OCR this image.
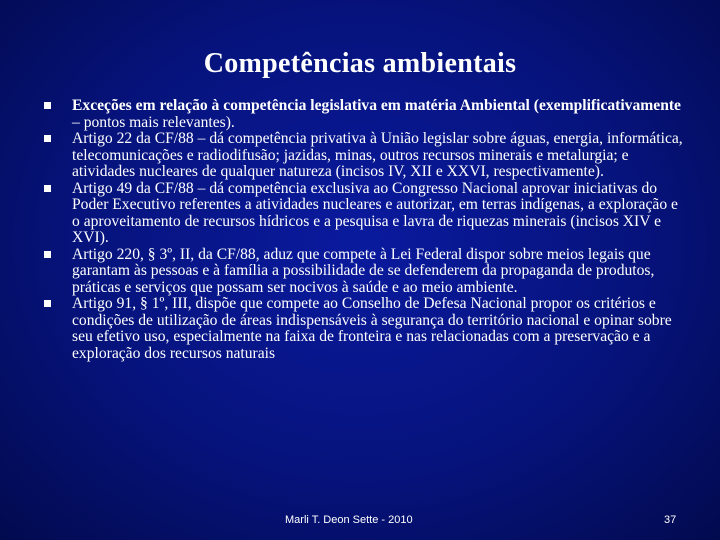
Competências ambientais
Exceções em relação à competência legislativa em matéria Ambiental (exemplificativamente – pontos mais relevantes).
Artigo 22 da CF/88 – dá competência privativa à União legislar sobre águas, energia, informática, telecomunicações e radiodifusão; jazidas, minas, outros recursos minerais e metalurgia; e atividades nucleares de qualquer natureza (incisos IV, XII e XXVI, respectivamente).
Artigo 49 da CF/88 – dá competência exclusiva ao Congresso Nacional aprovar iniciativas do Poder Executivo referentes a atividades nucleares e autorizar, em terras indígenas, a exploração e o aproveitamento de recursos hídricos e a pesquisa e lavra de riquezas minerais (incisos XIV e XVI).
Artigo 220, § 3º, II, da CF/88, aduz que compete à Lei Federal dispor sobre meios legais que garantam às pessoas e à família a possibilidade de se defenderem da propaganda de produtos, práticas e serviços que possam ser nocivos à saúde e ao meio ambiente.
Artigo 91, § 1º, III, dispõe que compete ao Conselho de Defesa Nacional propor os critérios e condições de utilização de áreas indispensáveis à segurança do território nacional e opinar sobre seu efetivo uso, especialmente na faixa de fronteira e nas relacionadas com a preservação e a exploração dos recursos naturais
Marli T. Deon Sette - 2010	37
